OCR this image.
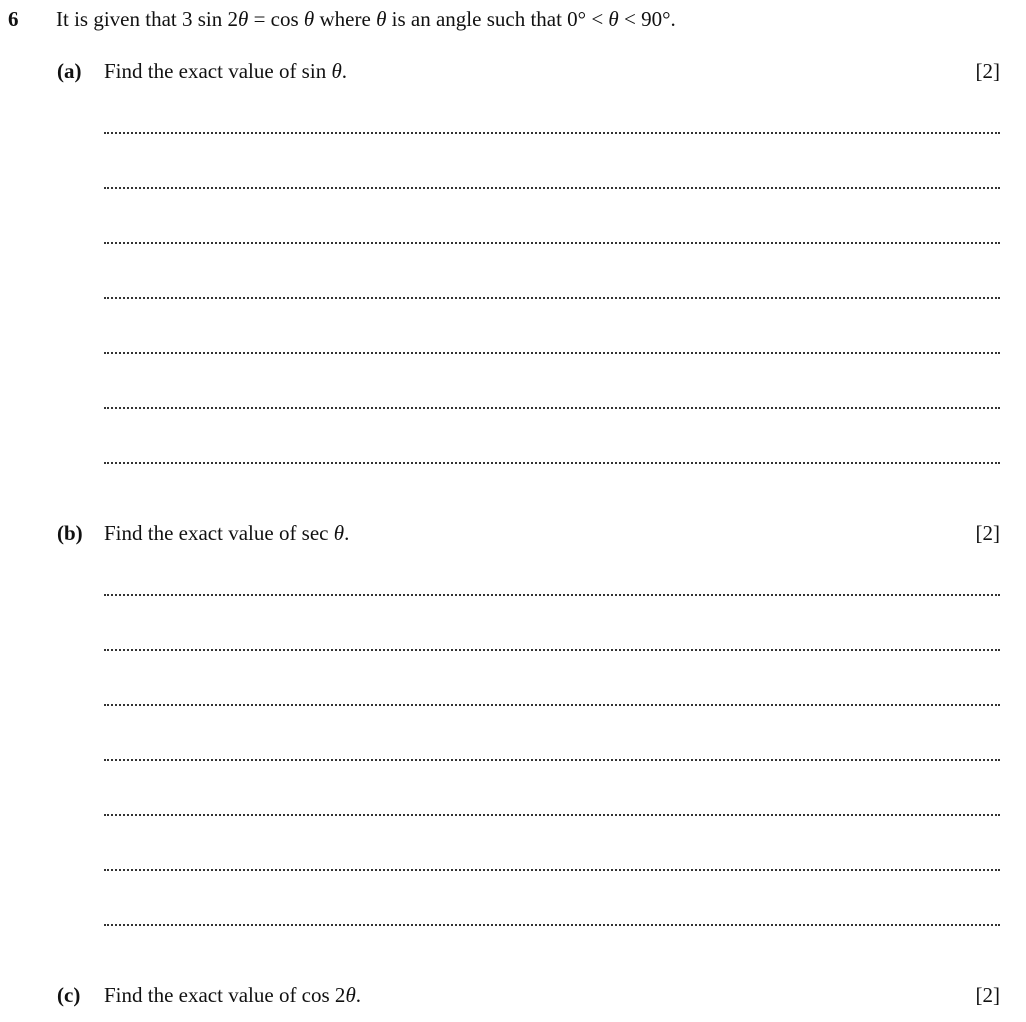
6 It is given that 3 sin 2θ = cos θ where θ is an angle such that 0° < θ < 90°.
(a) Find the exact value of sin θ.	[2]
(b) Find the exact value of sec θ.	[2]
(c) Find the exact value of cos 2θ.	[2]
